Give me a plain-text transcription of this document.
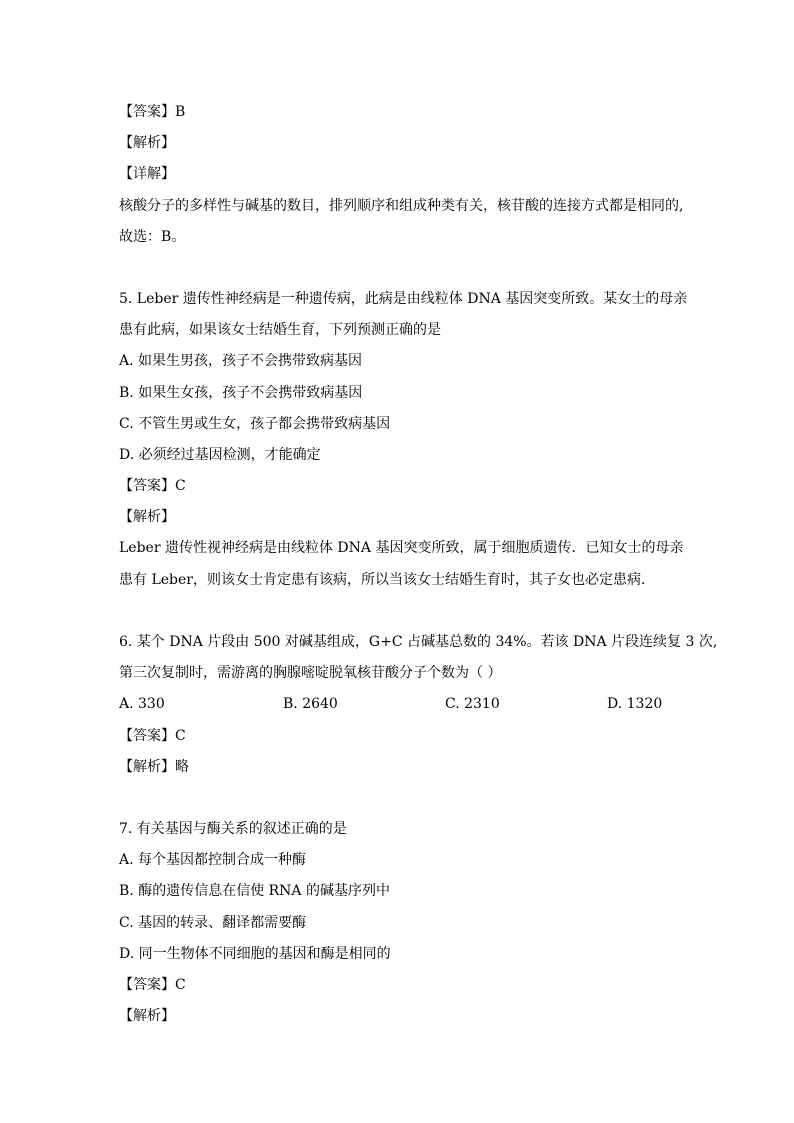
【答案】B
【解析】
【详解】
核酸分子的多样性与碱基的数目，排列顺序和组成种类有关，核苷酸的连接方式都是相同的,
故选：B。
5. Leber 遗传性神经病是一种遗传病，此病是由线粒体 DNA 基因突变所致。某女士的母亲
患有此病，如果该女士结婚生育，下列预测正确的是
A. 如果生男孩，孩子不会携带致病基因
B. 如果生女孩，孩子不会携带致病基因
C. 不管生男或生女，孩子都会携带致病基因
D. 必须经过基因检测，才能确定
【答案】C
【解析】
Leber 遗传性视神经病是由线粒体 DNA 基因突变所致，属于细胞质遗传．已知女士的母亲
患有 Leber，则该女士肯定患有该病，所以当该女士结婚生育时，其子女也必定患病．
6. 某个 DNA 片段由 500 对碱基组成，G+C 占碱基总数的 34%。若该 DNA 片段连续复 3 次,
第三次复制时，需游离的胸腺嘧啶脱氧核苷酸分子个数为（ ）
A. 330	B. 2640	C. 2310	D. 1320
【答案】C
【解析】略
7. 有关基因与酶关系的叙述正确的是
A. 每个基因都控制合成一种酶
B. 酶的遗传信息在信使 RNA 的碱基序列中
C. 基因的转录、翻译都需要酶
D. 同一生物体不同细胞的基因和酶是相同的
【答案】C
【解析】
